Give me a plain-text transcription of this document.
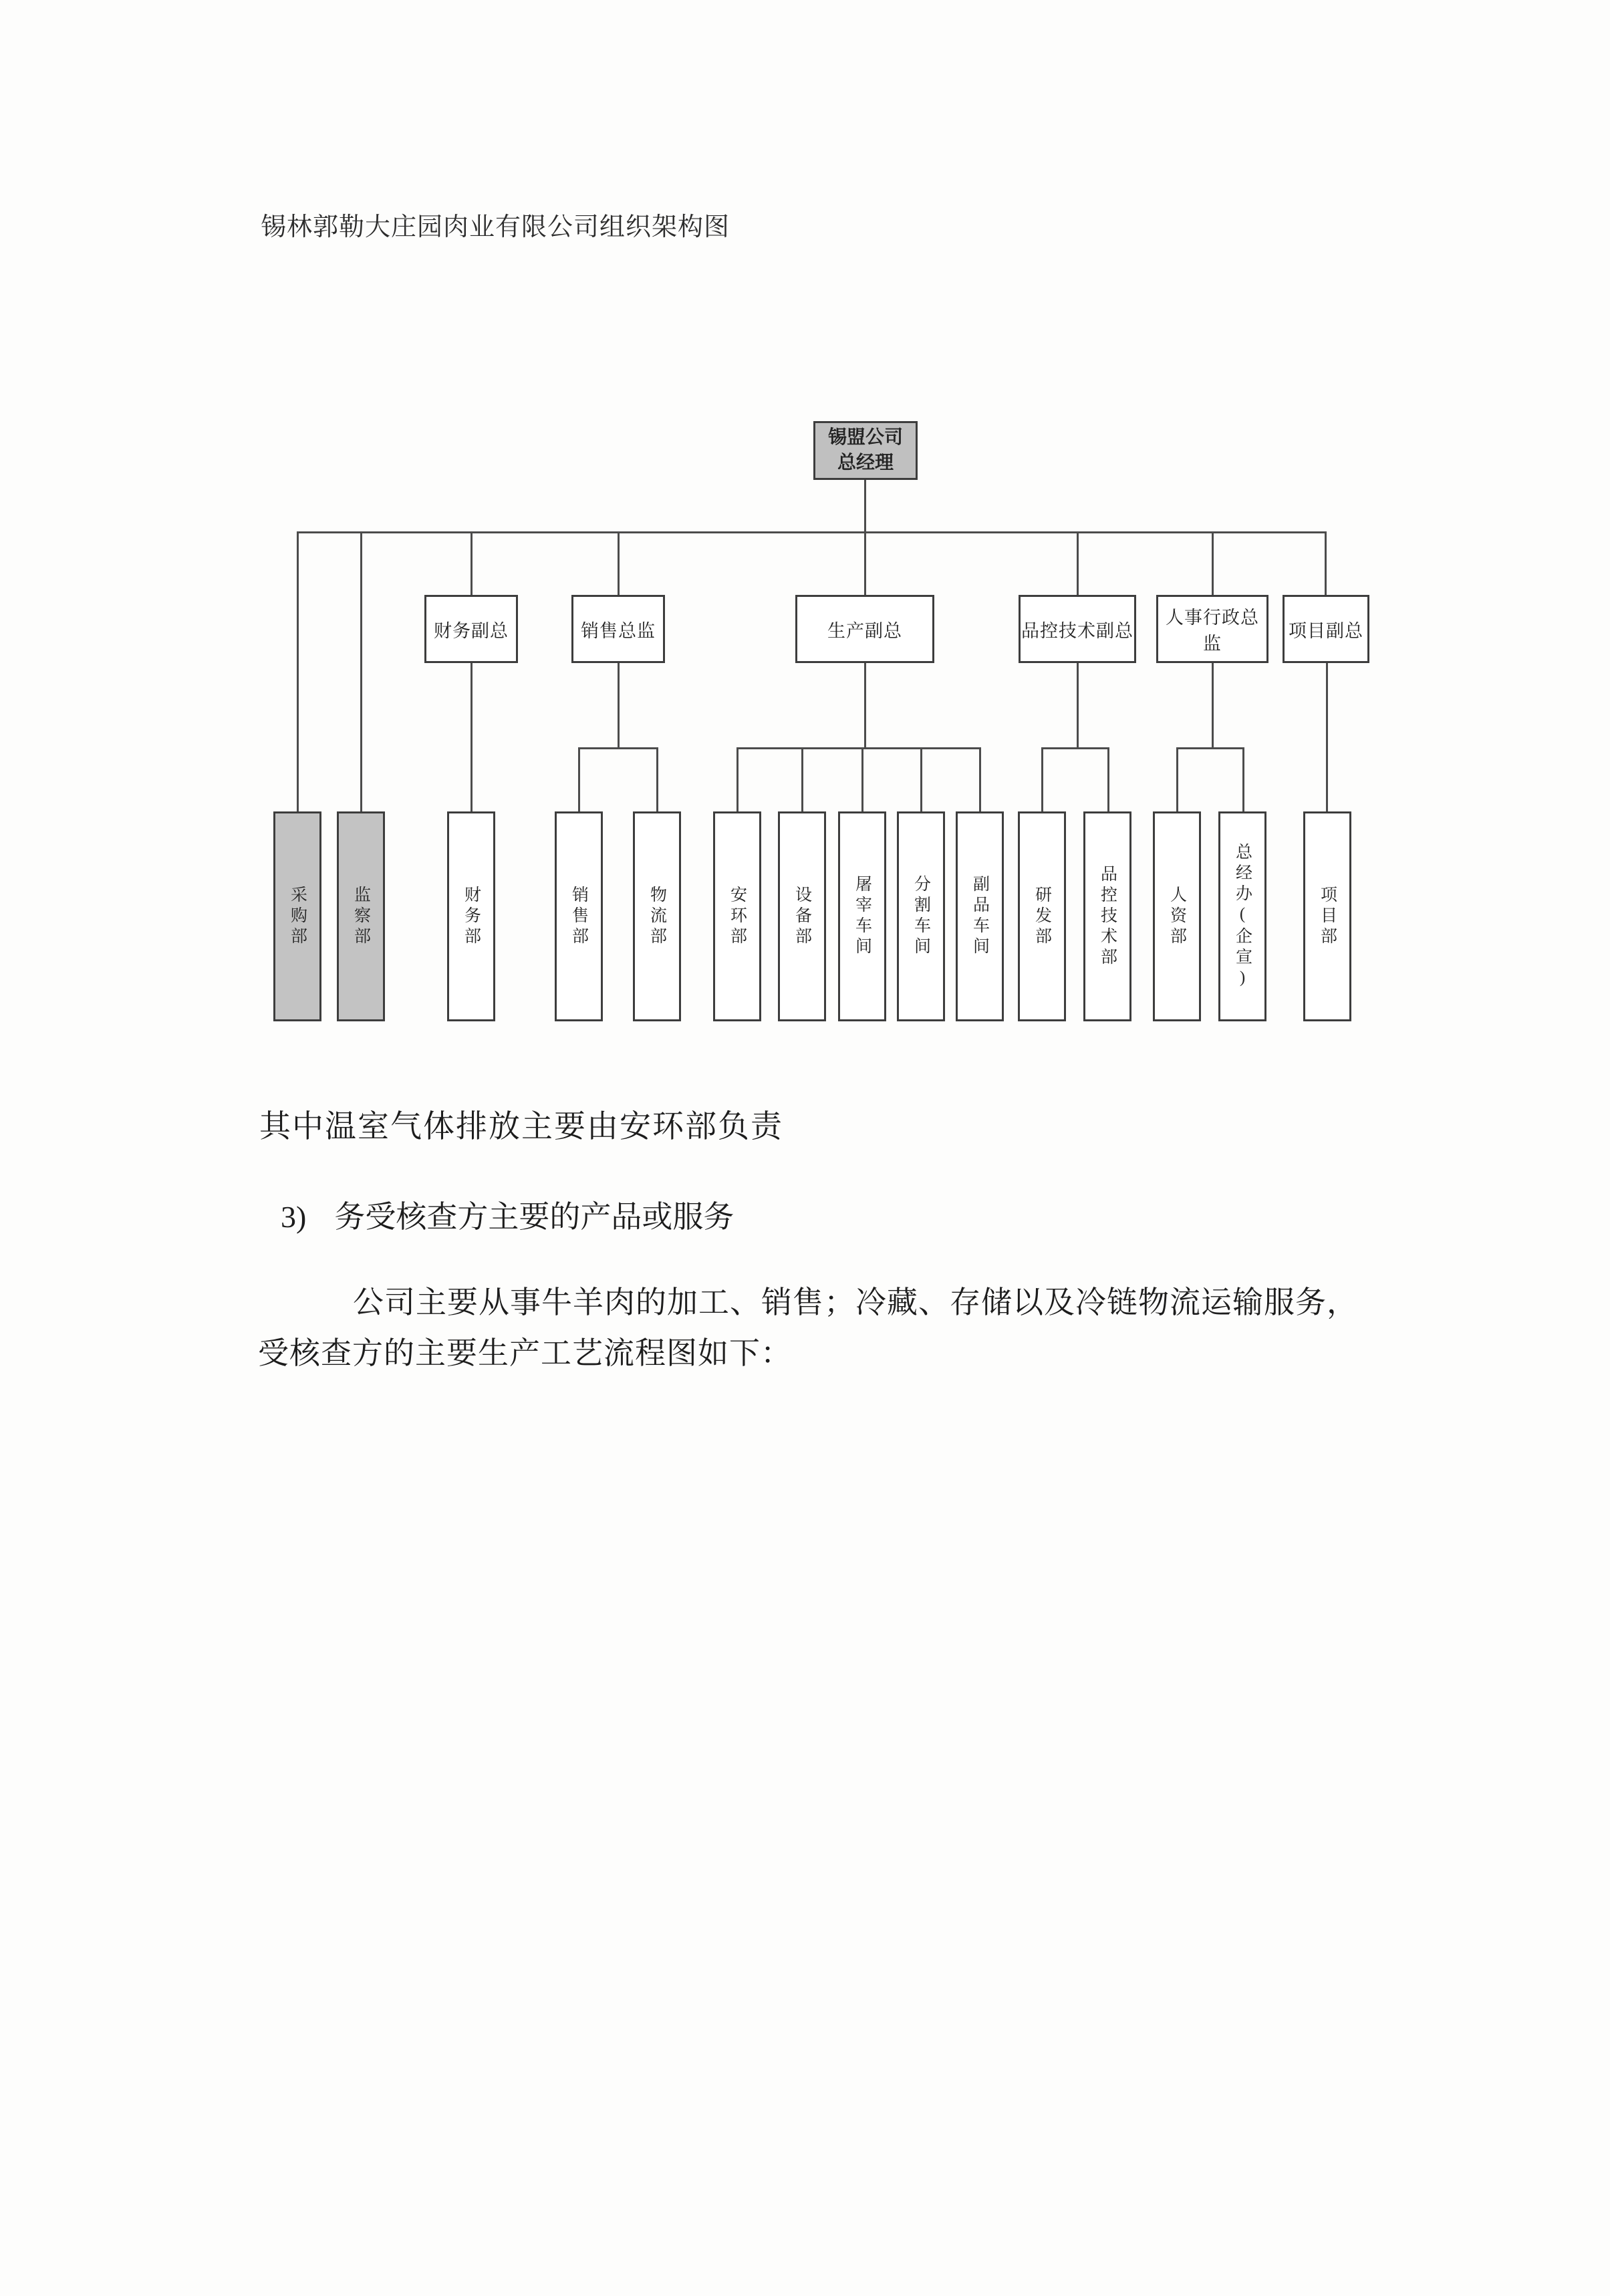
锡林郭勒大庄园肉业有限公司组织架构图
锡盟公司
总经理
财务副总	销售总监	生产副总	品控技术副总
人事行政总监
项目副总
采购部	监察部	财务部	销售部	物流部	安环部	设备部	屠宰车间 分割车间 副品车间	研发部	品控技术部	人资部	总经办(企宣)	项目部
其中温室气体排放主要由安环部负责
3) 务受核查方主要的产品或服务
公司主要从事牛羊肉的加工、销售；冷藏、存储以及冷链物流运输服务，
受核查方的主要生产工艺流程图如下：
